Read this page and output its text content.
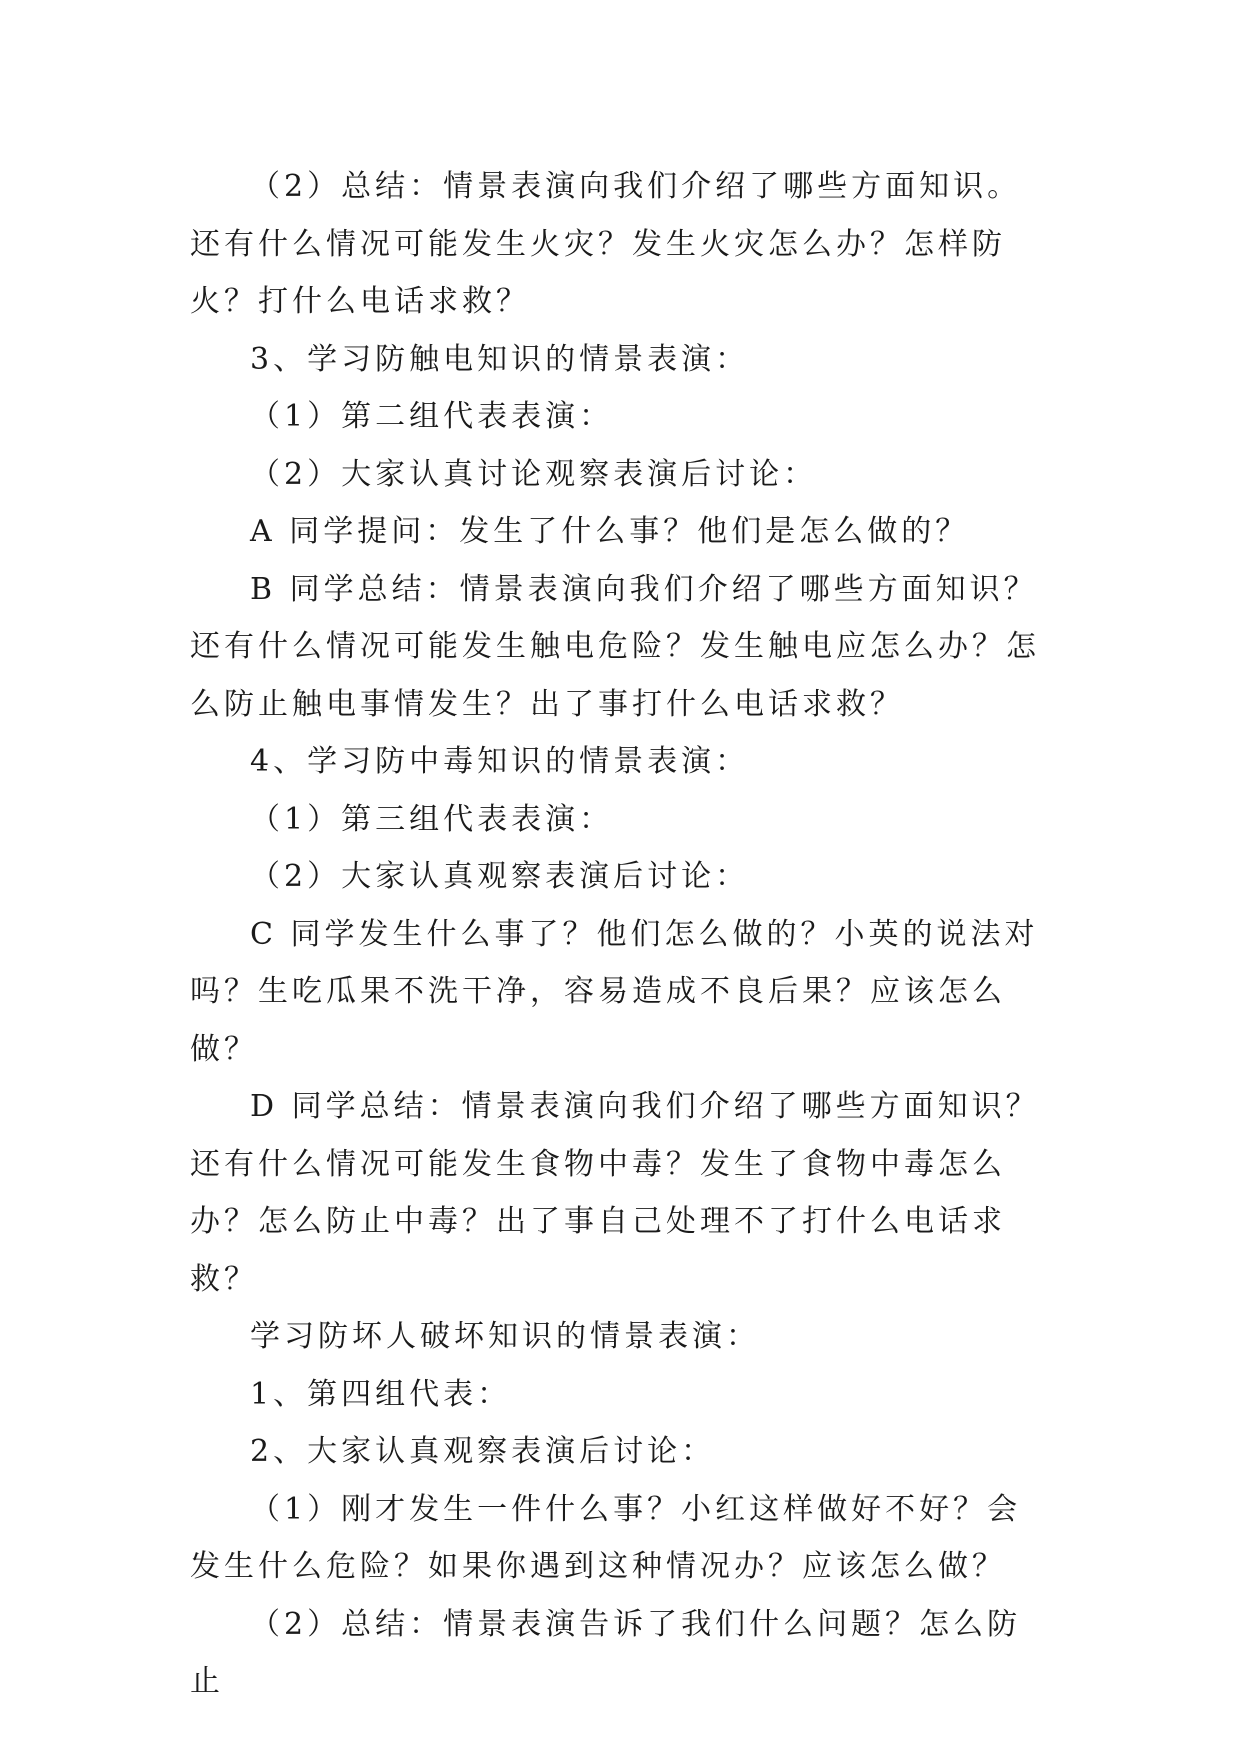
（2）总结：情景表演向我们介绍了哪些方面知识。还有什么情况可能发生火灾？发生火灾怎么办？怎样防火？打什么电话求救？

3、学习防触电知识的情景表演：

（1）第二组代表表演：

（2）大家认真讨论观察表演后讨论：

A 同学提问：发生了什么事？他们是怎么做的？

B 同学总结：情景表演向我们介绍了哪些方面知识？还有什么情况可能发生触电危险？发生触电应怎么办？怎么防止触电事情发生？出了事打什么电话求救？

4、学习防中毒知识的情景表演：

（1）第三组代表表演：

（2）大家认真观察表演后讨论：

C 同学发生什么事了？他们怎么做的？小英的说法对吗？生吃瓜果不洗干净，容易造成不良后果？应该怎么做？

D 同学总结：情景表演向我们介绍了哪些方面知识？还有什么情况可能发生食物中毒？发生了食物中毒怎么办？怎么防止中毒？出了事自己处理不了打什么电话求救？

学习防坏人破坏知识的情景表演：

1、第四组代表：

2、大家认真观察表演后讨论：

（1）刚才发生一件什么事？小红这样做好不好？会发生什么危险？如果你遇到这种情况办？应该怎么做？

（2）总结：情景表演告诉了我们什么问题？怎么防止
